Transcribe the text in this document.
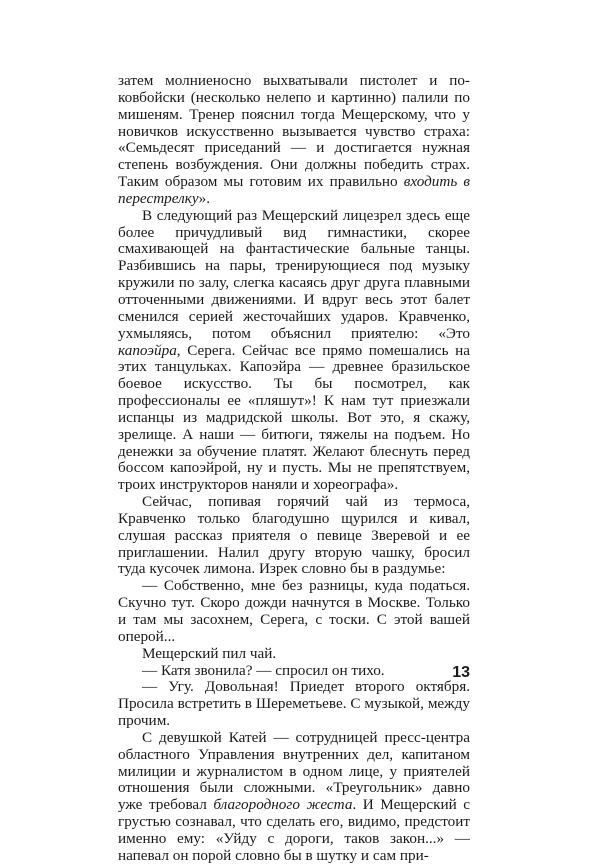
затем молниеносно выхватывали пистолет и по-ковбойски (несколько нелепо и картинно) палили по мишеням. Тренер пояснил тогда Мещерскому, что у новичков искусственно вызывается чувство страха: «Семьдесят приседаний — и достигается нужная степень возбуждения. Они должны победить страх. Таким образом мы готовим их правильно входить в перестрелку».

В следующий раз Мещерский лицезрел здесь еще более причудливый вид гимнастики, скорее смахивающей на фантастические бальные танцы. Разбившись на пары, тренирующиеся под музыку кружили по залу, слегка касаясь друг друга плавными отточенными движениями. И вдруг весь этот балет сменился серией жесточайших ударов. Кравченко, ухмыляясь, потом объяснил приятелю: «Это капоэйра, Серега. Сейчас все прямо помешались на этих танцульках. Капоэйра — древнее бразильское боевое искусство. Ты бы посмотрел, как профессионалы ее «пляшут»! К нам тут приезжали испанцы из мадридской школы. Вот это, я скажу, зрелище. А наши — битюги, тяжелы на подъем. Но денежки за обучение платят. Желают блеснуть перед боссом капоэйрой, ну и пусть. Мы не препятствуем, троих инструкторов наняли и хореографа».

Сейчас, попивая горячий чай из термоса, Кравченко только благодушно щурился и кивал, слушая рассказ приятеля о певице Зверевой и ее приглашении. Налил другу вторую чашку, бросил туда кусочек лимона. Изрек словно бы в раздумье:

— Собственно, мне без разницы, куда податься. Скучно тут. Скоро дожди начнутся в Москве. Только и там мы засохнем, Серега, с тоски. С этой вашей оперой...

Мещерский пил чай.

— Катя звонила? — спросил он тихо.

— Угу. Довольная! Приедет второго октября. Просила встретить в Шереметьеве. С музыкой, между прочим.

С девушкой Катей — сотрудницей пресс-центра областного Управления внутренних дел, капитаном милиции и журналистом в одном лице, у приятелей отношения были сложными. «Треугольник» давно уже требовал благородного жеста. И Мещерский с грустью сознавал, что сделать его, видимо, предстоит именно ему: «Уйду с дороги, таков закон...» — напевал он порой словно бы в шутку и сам при-

13
